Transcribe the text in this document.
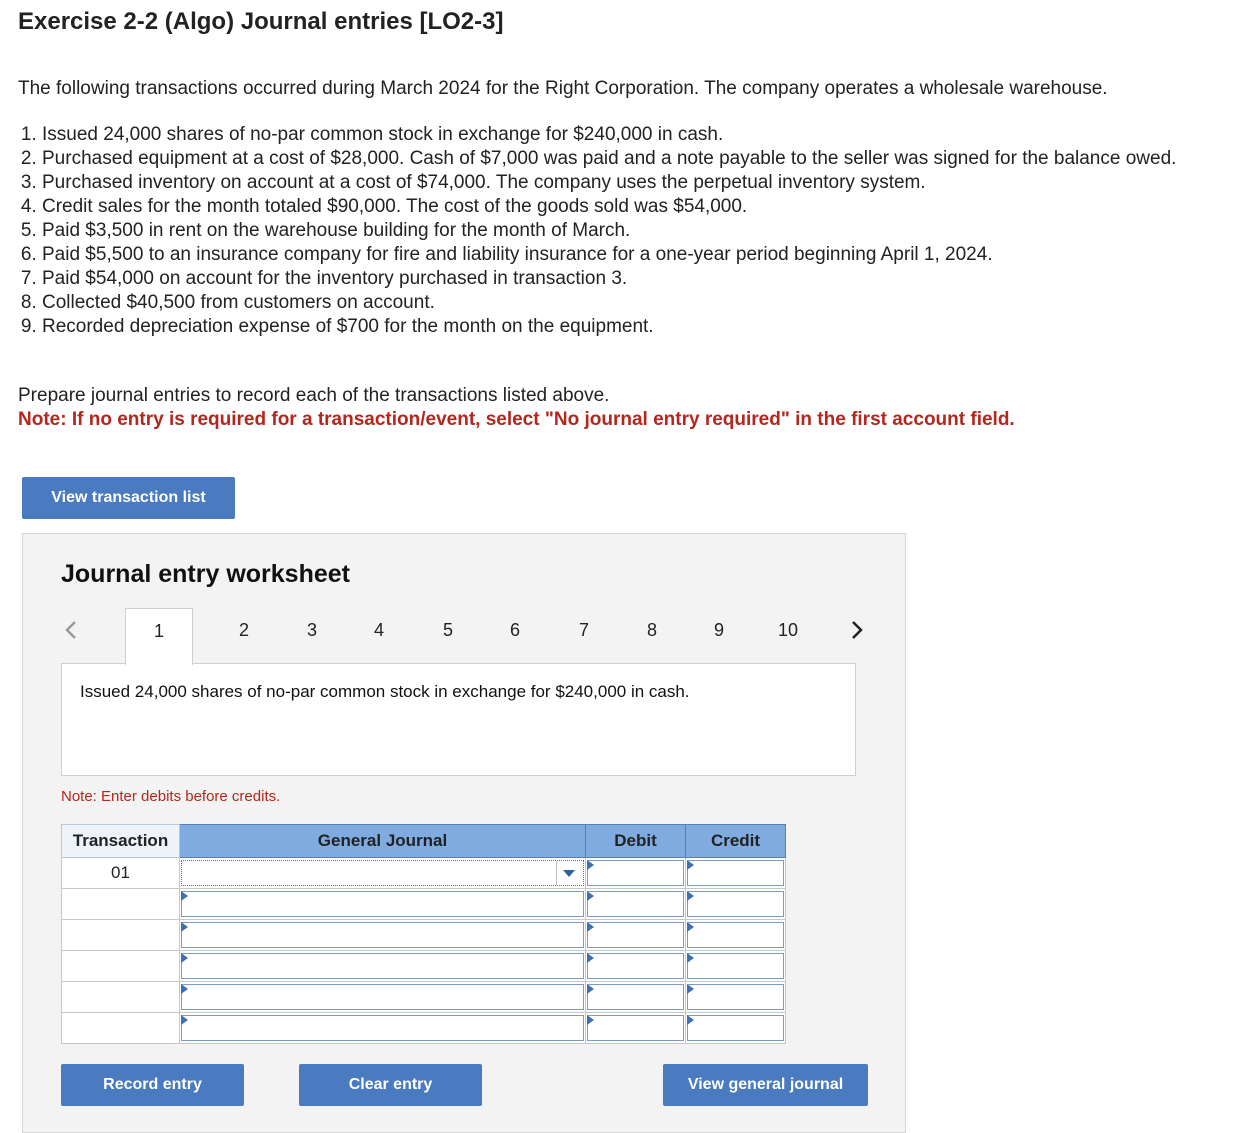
Exercise 2-2 (Algo) Journal entries [LO2-3]
The following transactions occurred during March 2024 for the Right Corporation. The company operates a wholesale warehouse.
1. Issued 24,000 shares of no-par common stock in exchange for $240,000 in cash.
2. Purchased equipment at a cost of $28,000. Cash of $7,000 was paid and a note payable to the seller was signed for the balance owed.
3. Purchased inventory on account at a cost of $74,000. The company uses the perpetual inventory system.
4. Credit sales for the month totaled $90,000. The cost of the goods sold was $54,000.
5. Paid $3,500 in rent on the warehouse building for the month of March.
6. Paid $5,500 to an insurance company for fire and liability insurance for a one-year period beginning April 1, 2024.
7. Paid $54,000 on account for the inventory purchased in transaction 3.
8. Collected $40,500 from customers on account.
9. Recorded depreciation expense of $700 for the month on the equipment.
Prepare journal entries to record each of the transactions listed above.
Note: If no entry is required for a transaction/event, select "No journal entry required" in the first account field.
View transaction list
Journal entry worksheet
1	2	3	4	5	6	7	8	9	10
Issued 24,000 shares of no-par common stock in exchange for $240,000 in cash.
Note: Enter debits before credits.
Transaction	General Journal	Debit	Credit
01	

Record entry	Clear entry	View general journal
